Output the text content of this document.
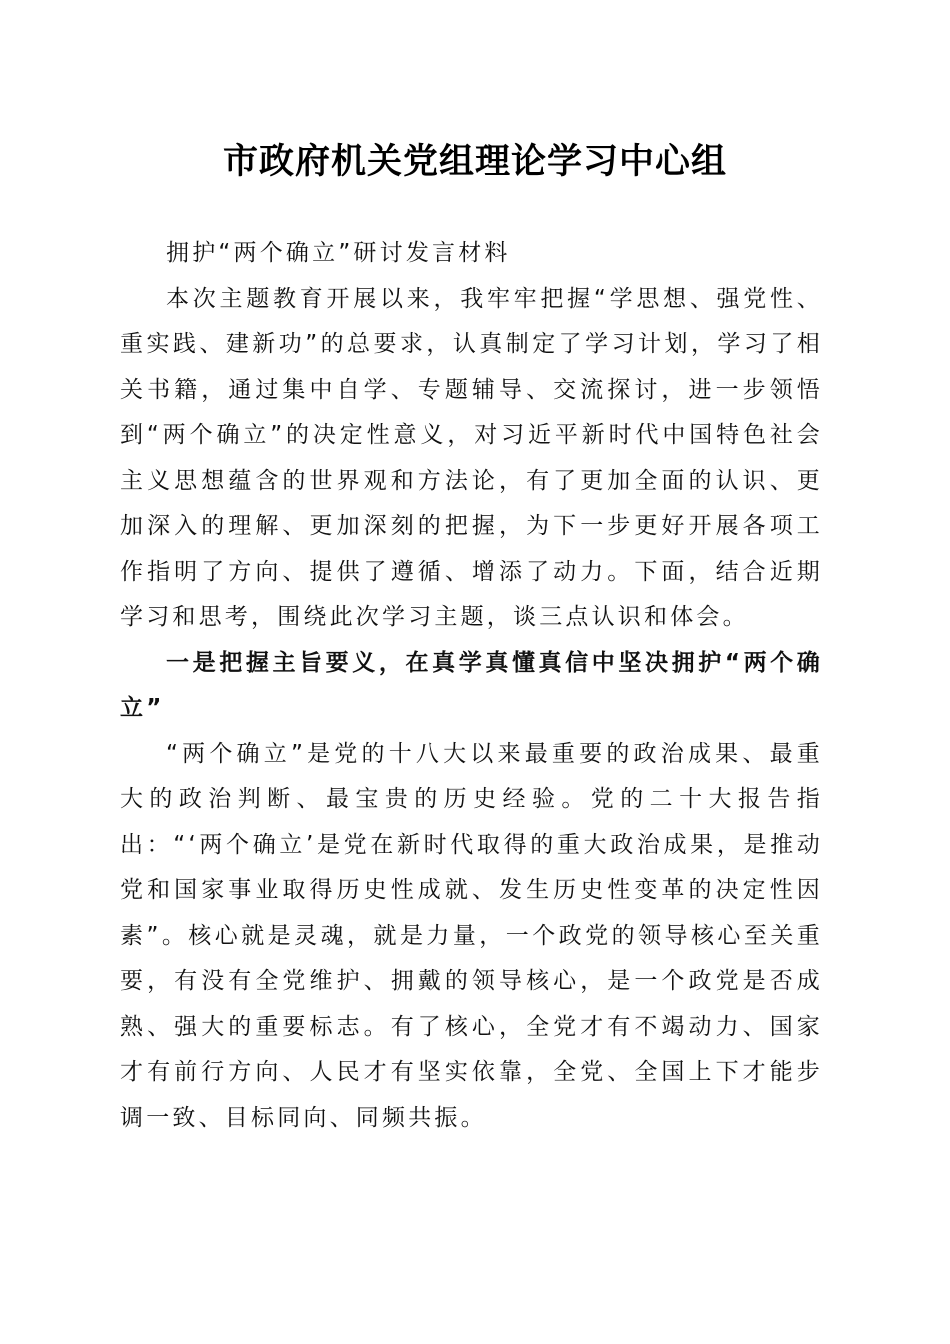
市政府机关党组理论学习中心组

拥护“两个确立”研讨发言材料

本次主题教育开展以来，我牢牢把握“学思想、强党性、重实践、建新功”的总要求，认真制定了学习计划，学习了相关书籍，通过集中自学、专题辅导、交流探讨，进一步领悟到“两个确立”的决定性意义，对习近平新时代中国特色社会主义思想蕴含的世界观和方法论，有了更加全面的认识、更加深入的理解、更加深刻的把握，为下一步更好开展各项工作指明了方向、提供了遵循、增添了动力。下面，结合近期学习和思考，围绕此次学习主题，谈三点认识和体会。

一是把握主旨要义，在真学真懂真信中坚决拥护“两个确立”

“两个确立”是党的十八大以来最重要的政治成果、最重大的政治判断、最宝贵的历史经验。党的二十大报告指出：“‘两个确立’是党在新时代取得的重大政治成果，是推动党和国家事业取得历史性成就、发生历史性变革的决定性因素”。核心就是灵魂，就是力量，一个政党的领导核心至关重要，有没有全党维护、拥戴的领导核心，是一个政党是否成熟、强大的重要标志。有了核心，全党才有不竭动力、国家才有前行方向、人民才有坚实依靠，全党、全国上下才能步调一致、目标同向、同频共振。
